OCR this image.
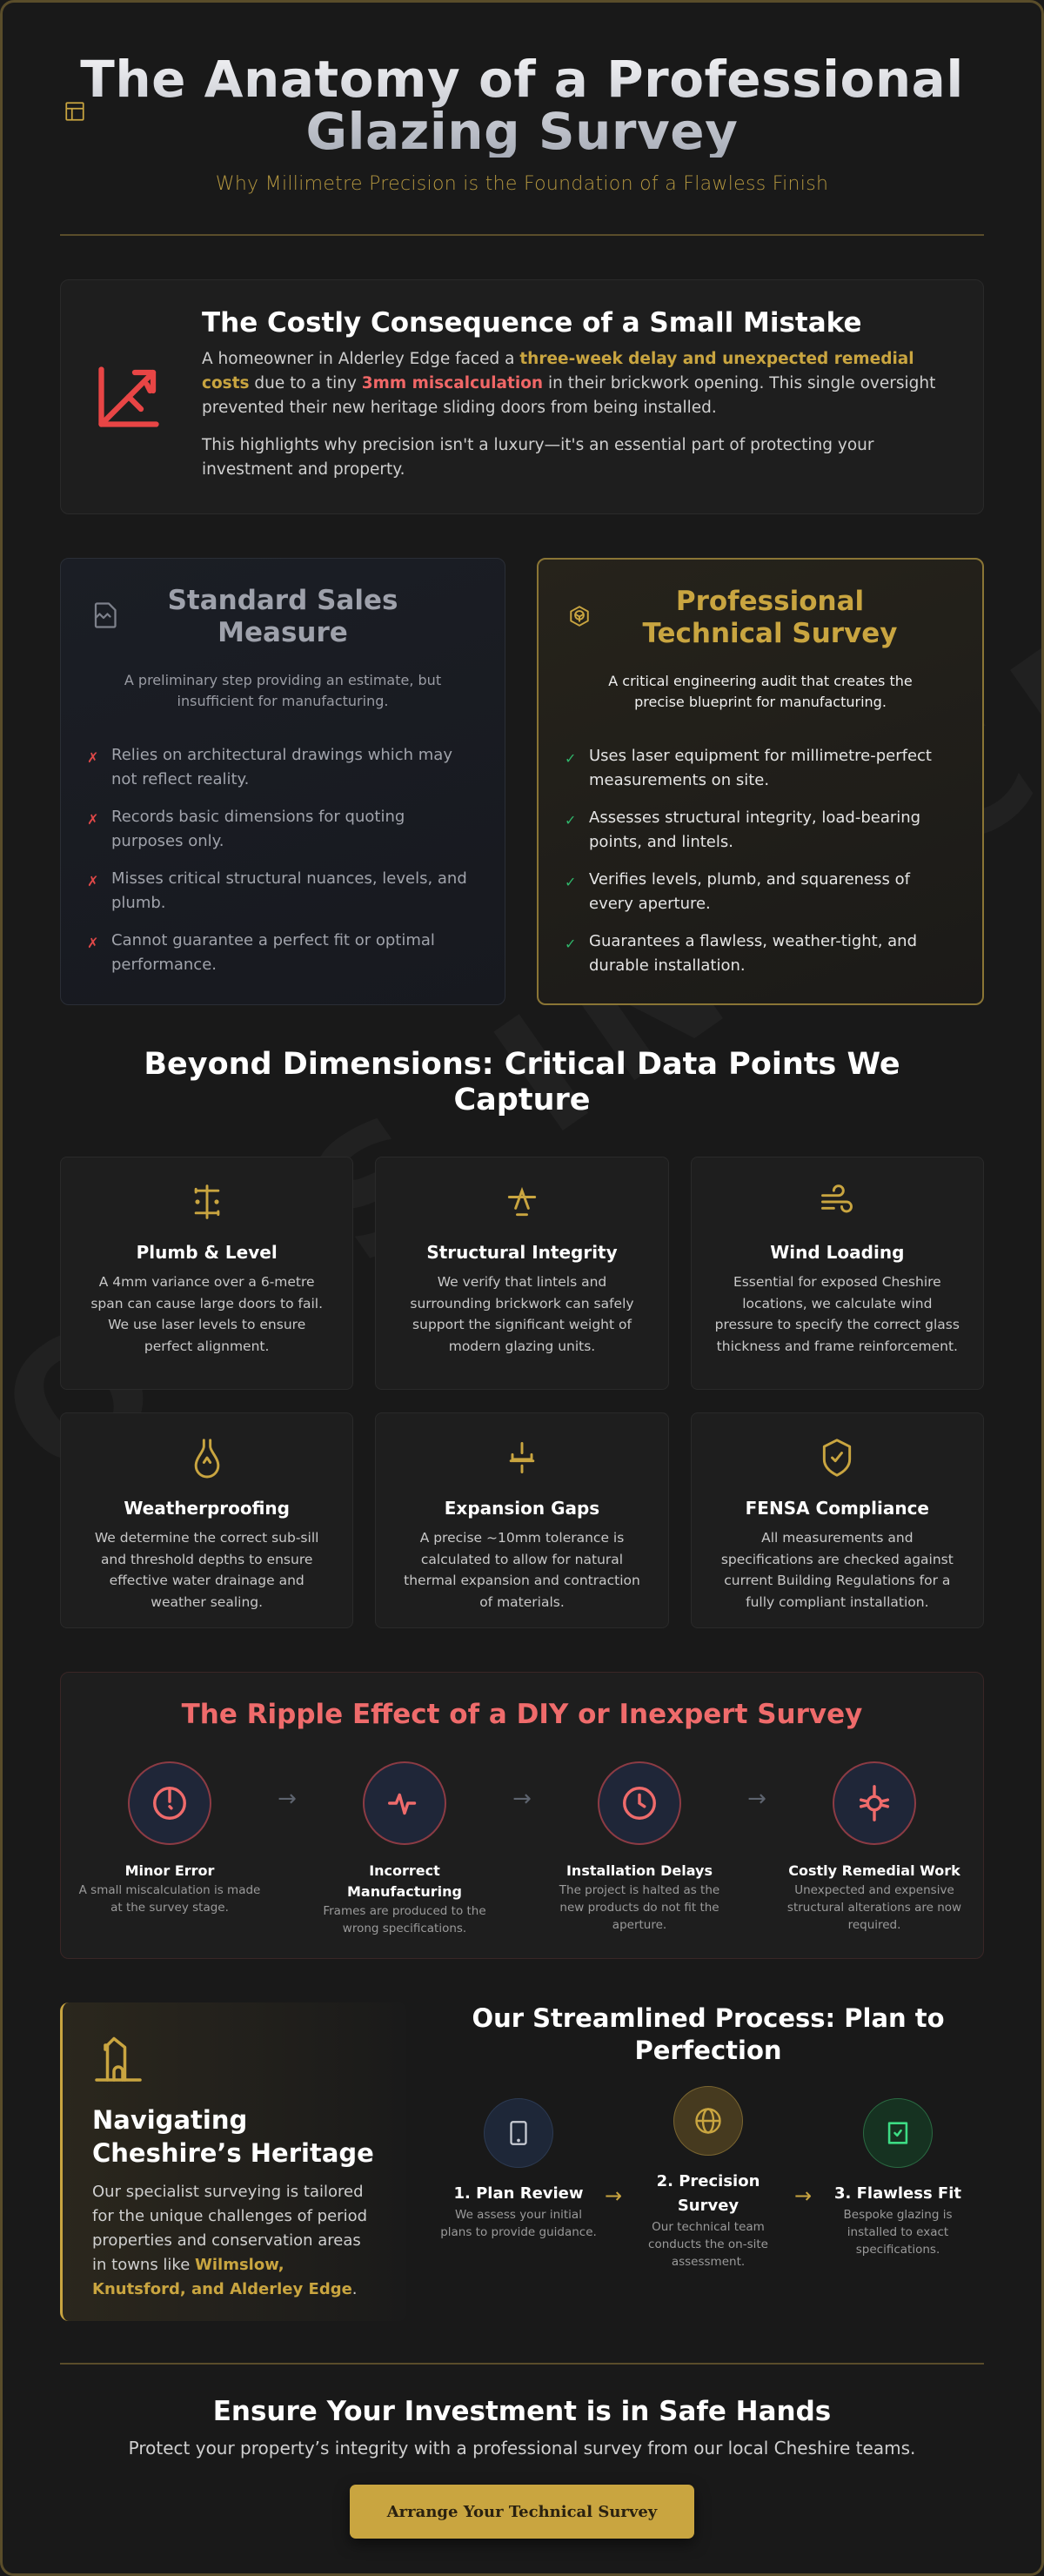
The Anatomy of a Professional Glazing Survey
Why Millimetre Precision is the Foundation of a Flawless Finish
The Costly Consequence of a Small Mistake

A homeowner in Alderley Edge faced a three-week delay and unexpected remedial costs due to a tiny 3mm miscalculation in their brickwork opening. This single oversight prevented their new heritage sliding doors from being installed.

This highlights why precision isn't a luxury—it's an essential part of protecting your investment and property.

Standard Sales Measure

A preliminary step providing an estimate, but insufficient for manufacturing.

✗ Relies on architectural drawings which may not reflect reality.
✗ Records basic dimensions for quoting purposes only.
✗ Misses critical structural nuances, levels, and plumb.
✗ Cannot guarantee a perfect fit or optimal performance.
Professional Technical Survey

A critical engineering audit that creates the precise blueprint for manufacturing.

✓ Uses laser equipment for millimetre-perfect measurements on site.
✓ Assesses structural integrity, load-bearing points, and lintels.
✓ Verifies levels, plumb, and squareness of every aperture.
✓ Guarantees a flawless, weather-tight, and durable installation.
Beyond Dimensions: Critical Data Points We Capture
Plumb & Level

A 4mm variance over a 6-metre span can cause large doors to fail. We use laser levels to ensure perfect alignment.

Structural Integrity

We verify that lintels and surrounding brickwork can safely support the significant weight of modern glazing units.

Wind Loading

Essential for exposed Cheshire locations, we calculate wind pressure to specify the correct glass thickness and frame reinforcement.

Weatherproofing

We determine the correct sub-sill and threshold depths to ensure effective water drainage and weather sealing.

Expansion Gaps

A precise ~10mm tolerance is calculated to allow for natural thermal expansion and contraction of materials.

FENSA Compliance

All measurements and specifications are checked against current Building Regulations for a fully compliant installation.

The Ripple Effect of a DIY or Inexpert Survey
Minor Error

A small miscalculation is made at the survey stage.

→
Incorrect Manufacturing

Frames are produced to the wrong specifications.

→
Installation Delays

The project is halted as the new products do not fit the aperture.

→
Costly Remedial Work

Unexpected and expensive structural alterations are now required.

Navigating Cheshire’s Heritage

Our specialist surveying is tailored for the unique challenges of period properties and conservation areas in towns like Wilmslow, Knutsford, and Alderley Edge.

Our Streamlined Process: Plan to Perfection
1. Plan Review

We assess your initial plans to provide guidance.

→
2. Precision Survey

Our technical team conducts the on-site assessment.

→	3. Flawless Fit

Bespoke glazing is installed to exact specifications.

Ensure Your Investment is in Safe Hands

Protect your property’s integrity with a professional survey from our local Cheshire teams.

Arrange Your Technical Survey
